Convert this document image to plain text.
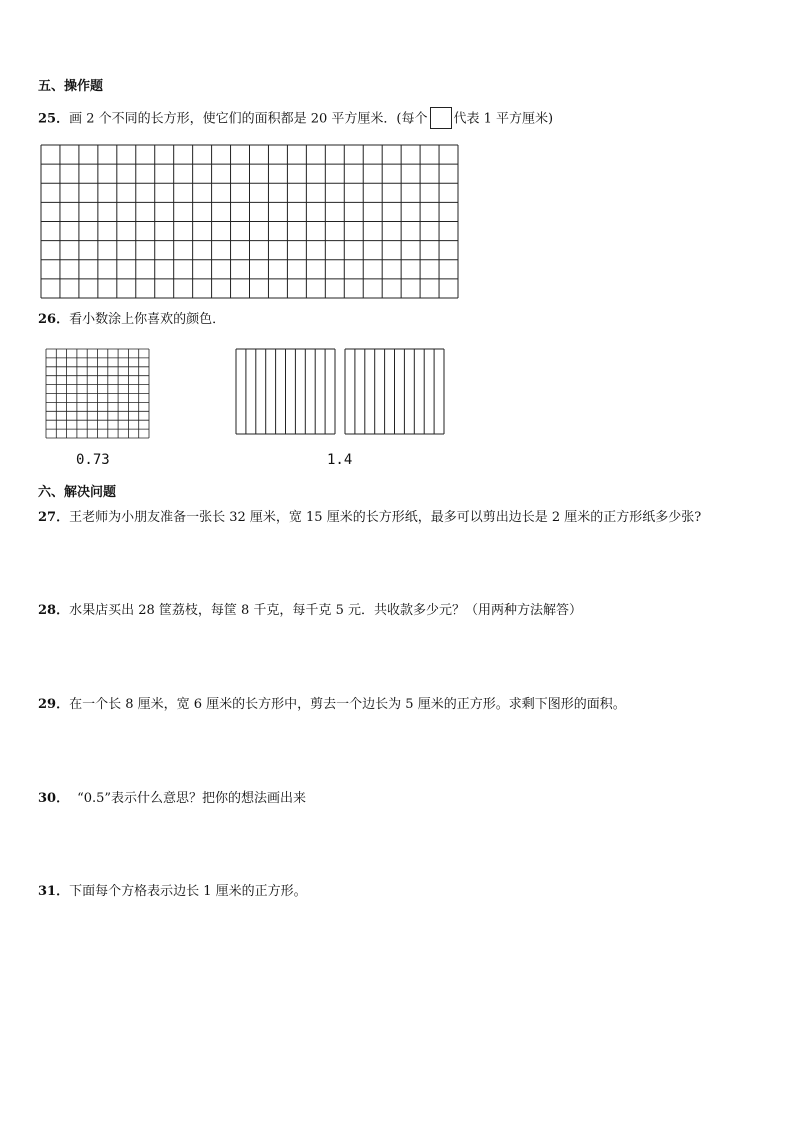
五、操作题
25．画 2 个不同的长方形，使它们的面积都是 20 平方厘米．(每个 代表 1 平方厘米)
26．看小数涂上你喜欢的颜色．
0.73	1.4
六、解决问题
27．王老师为小朋友准备一张长 32 厘米，宽 15 厘米的长方形纸，最多可以剪出边长是 2 厘米的正方形纸多少张?
28．水果店买出 28 筐荔枝，每筐 8 千克，每千克 5 元．共收款多少元？（用两种方法解答）
29．在一个长 8 厘米，宽 6 厘米的长方形中，剪去一个边长为 5 厘米的正方形。求剩下图形的面积。
30． “0.5”表示什么意思？把你的想法画出来
31．下面每个方格表示边长 1 厘米的正方形。
